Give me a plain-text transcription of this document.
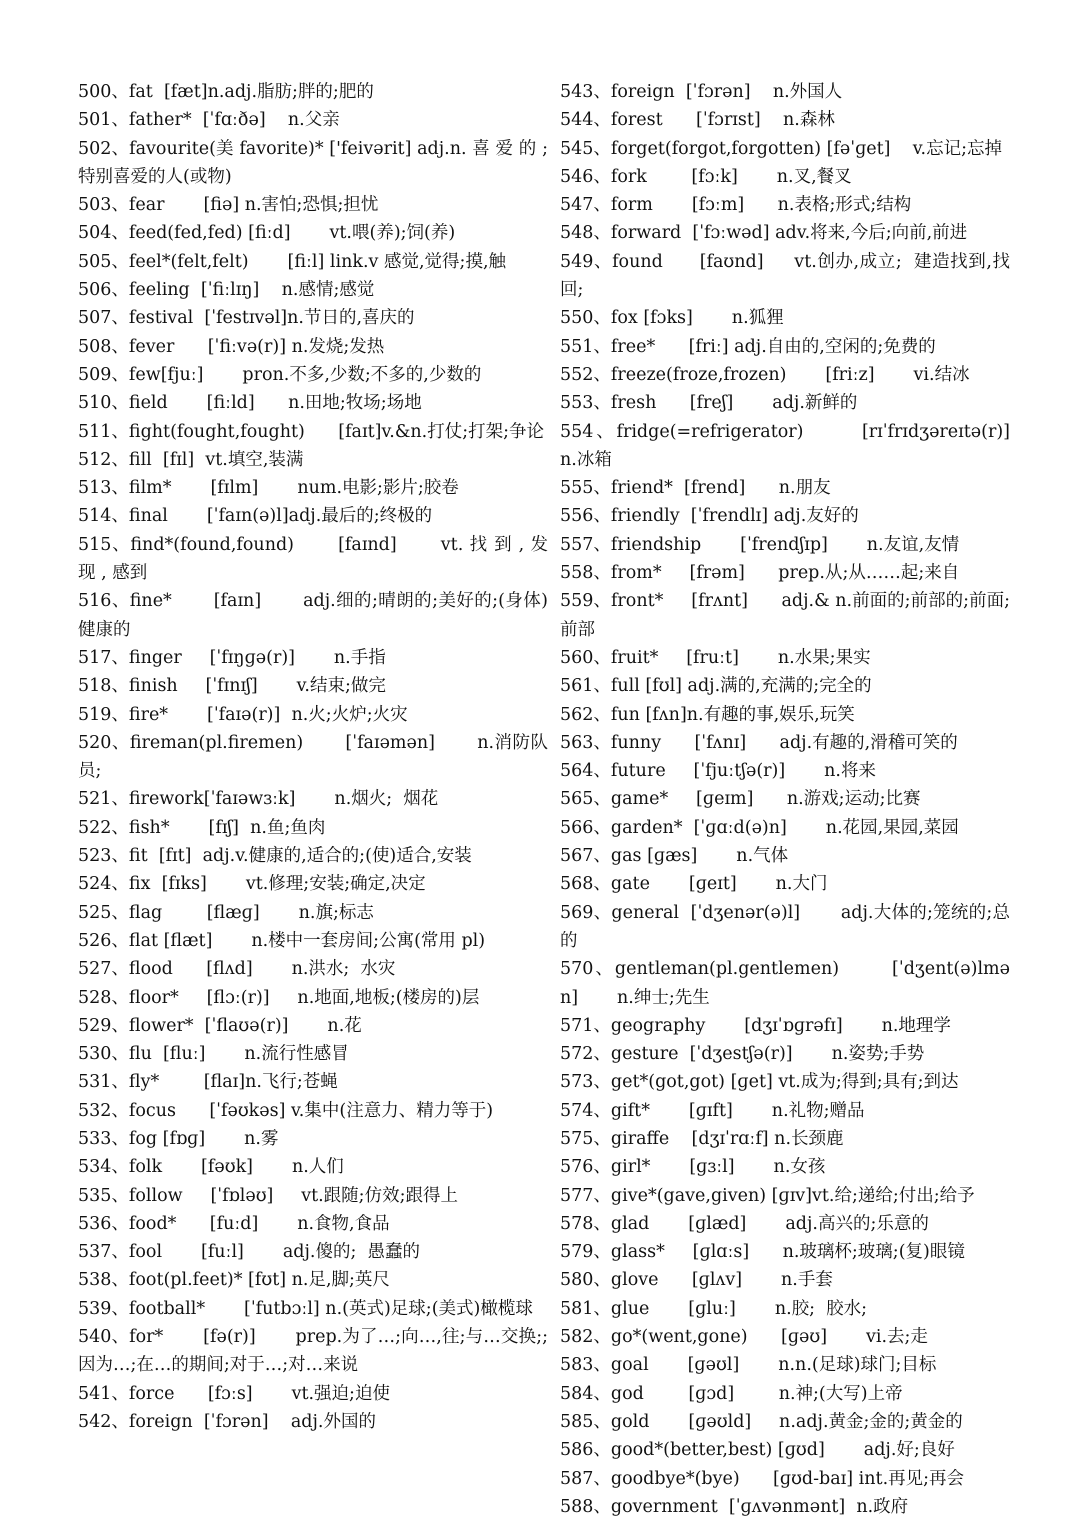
500、fat  [fæt]n.adj.脂肪;胖的;肥的
501、father*  [ˈfɑːðə]    n.父亲
502、favourite(美 favorite)* ['feivərit] adj.n. 喜 爱 的 ; 特别喜爱的人(或物)
503、fear       [fiə] n.害怕;恐惧;担忧
504、feed(fed,fed) [fiːd]       vt.喂(养);饲(养)
505、feel*(felt,felt)       [fiːl] link.v 感觉,觉得;摸,触
506、feeling  [ˈfiːlɪŋ]    n.感情;感觉
507、festival  [ˈfestɪvəl]n.节日的,喜庆的
508、fever      [ˈfiːvə(r)] n.发烧;发热
509、few[fjuː]       pron.不多,少数;不多的,少数的
510、field       [fiːld]      n.田地;牧场;场地
511、fight(fought,fought)      [faɪt]v.&n.打仗;打架;争论
512、fill  [fɪl]  vt.填空,装满
513、film*       [fɪlm]       num.电影;影片;胶卷
514、final       [ˈfaɪn(ə)l]adj.最后的;终极的
515、find*(found,found)       [faɪnd]       vt. 找 到 , 发 现 , 感到
516、fine*       [faɪn]       adj.细的;晴朗的;美好的;(身体)健康的
517、finger     [ˈfɪŋɡə(r)]       n.手指
518、finish     [ˈfɪnɪʃ]       v.结束;做完
519、fire*       [ˈfaɪə(r)]  n.火;火炉;火灾
520、fireman(pl.firemen)       [ˈfaɪəmən]       n.消防队员;
521、firework[ˈfaɪəwɜːk]       n.烟火;  烟花
522、fish*       [fɪʃ]  n.鱼;鱼肉
523、fit  [fɪt]  adj.v.健康的,适合的;(使)适合,安装
524、fix  [fɪks]       vt.修理;安装;确定,决定
525、flag        [flæɡ]       n.旗;标志
526、flat [flæt]       n.楼中一套房间;公寓(常用 pl)
527、flood      [flʌd]       n.洪水;  水灾
528、floor*     [flɔː(r)]     n.地面,地板;(楼房的)层
529、flower*  [ˈflaʊə(r)]       n.花
530、flu  [fluː]       n.流行性感冒
531、fly*        [flaɪ]n.飞行;苍蝇
532、focus      [ˈfəʊkəs] v.集中(注意力、精力等于)
533、fog [fɒɡ]       n.雾
534、folk       [fəʊk]       n.人们
535、follow     [ˈfɒləʊ]     vt.跟随;仿效;跟得上
536、food*      [fuːd]       n.食物,食品
537、fool       [fuːl]       adj.傻的;  愚蠢的
538、foot(pl.feet)* [fʊt] n.足,脚;英尺
539、football*       [ˈfutbɔːl] n.(英式)足球;(美式)橄榄球
540、for*       [fə(r)]       prep.为了…;向…,往;与…交换;;因为…;在…的期间;对于…;对…来说
541、force      [fɔːs]       vt.强迫;迫使
542、foreign  [ˈfɔrən]    adj.外国的
543、foreign  [ˈfɔrən]    n.外国人
544、forest      [ˈfɔrɪst]    n.森林
545、forget(forgot,forgotten) [fəˈɡet]    v.忘记;忘掉
546、fork        [fɔːk]       n.叉,餐叉
547、form       [fɔːm]      n.表格;形式;结构
548、forward  [ˈfɔːwəd] adv.将来,今后;向前,前进
549、found      [faʊnd]     vt.创办,成立;  建造找到,找回;
550、fox [fɔks]       n.狐狸
551、free*      [friː] adj.自由的,空闲的;免费的
552、freeze(froze,frozen)       [friːz]       vi.结冰
553、fresh      [freʃ]       adj.新鲜的
554、fridge(=refrigerator)       [rɪˈfrɪdʒəreɪtə(r)]       n.冰箱
555、friend*  [frend]      n.朋友
556、friendly  [ˈfrendlɪ] adj.友好的
557、friendship       [ˈfrendʃɪp]       n.友谊,友情
558、from*     [frəm]      prep.从;从……起;来自
559、front*     [frʌnt]      adj.& n.前面的;前部的;前面;前部
560、fruit*     [fruːt]       n.水果;果实
561、full [fʊl] adj.满的,充满的;完全的
562、fun [fʌn]n.有趣的事,娱乐,玩笑
563、funny      [ˈfʌnɪ]      adj.有趣的,滑稽可笑的
564、future     [ˈfjuːtʃə(r)]       n.将来
565、game*     [ɡeɪm]      n.游戏;运动;比赛
566、garden*  [ˈɡɑːd(ə)n]       n.花园,果园,菜园
567、gas [ɡæs]       n.气体
568、gate       [ɡeɪt]       n.大门
569、general  [ˈdʒenər(ə)l]       adj.大体的;笼统的;总的
570、gentleman(pl.gentlemen)       [ˈdʒent(ə)lmən]       n.绅士;先生
571、geography       [dʒɪˈɒɡrəfɪ]       n.地理学
572、gesture  [ˈdʒestʃə(r)]       n.姿势;手势
573、get*(got,got) [ɡet] vt.成为;得到;具有;到达
574、gift*       [ɡɪft]       n.礼物;赠品
575、giraffe    [dʒɪˈrɑːf] n.长颈鹿
576、girl*       [ɡɜːl]       n.女孩
577、give*(gave,given) [ɡɪv]vt.给;递给;付出;给予
578、glad       [ɡlæd]       adj.高兴的;乐意的
579、glass*     [ɡlɑːs]      n.玻璃杯;玻璃;(复)眼镜
580、glove      [ɡlʌv]       n.手套
581、glue       [ɡluː]       n.胶;  胶水;
582、go*(went,gone)      [ɡəʊ]       vi.去;走
583、goal       [ɡəʊl]       n.n.(足球)球门;目标
584、god        [ɡɔd]        n.神;(大写)上帝
585、gold       [ɡəʊld]     n.adj.黄金;金的;黄金的
586、good*(better,best) [ɡʊd]       adj.好;良好
587、goodbye*(bye)      [ɡʊd-baɪ] int.再见;再会
588、government  [ˈɡʌvənmənt]  n.政府
